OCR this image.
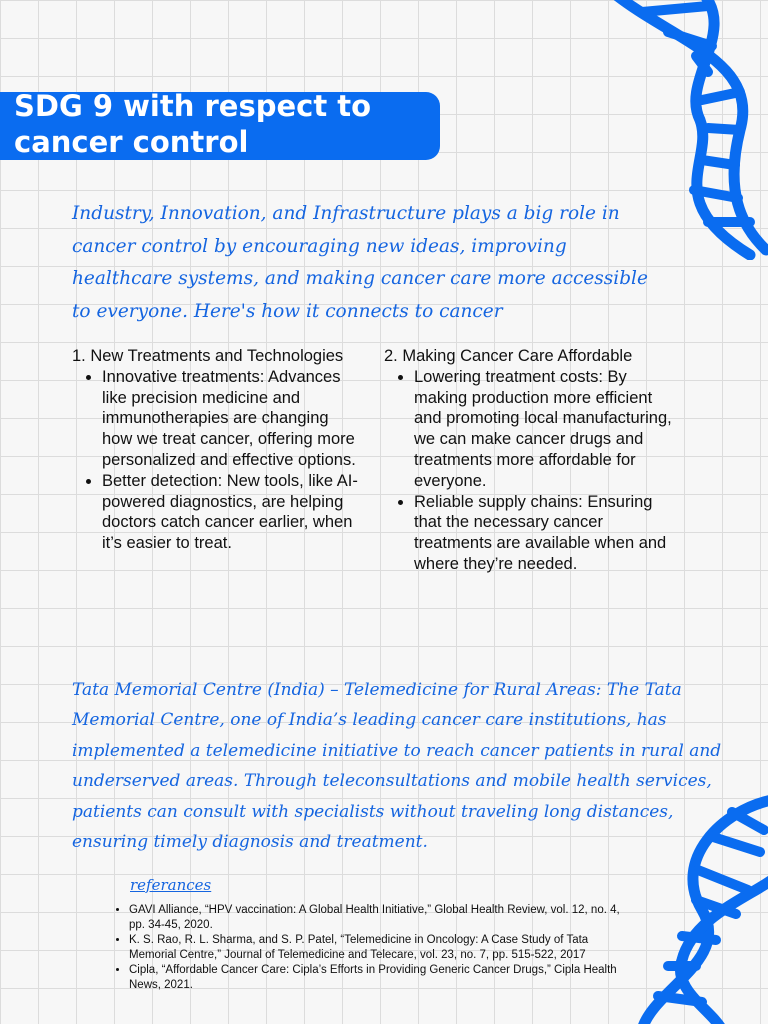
SDG 9 with respect to cancer control

Industry, Innovation, and Infrastructure plays a big role in cancer control by encouraging new ideas, improving healthcare systems, and making cancer care more accessible to everyone. Here's how it connects to cancer

1. New Treatments and Technologies

• Innovative treatments: Advances like precision medicine and immunotherapies are changing how we treat cancer, offering more personalized and effective options.
• Better detection: New tools, like AI-powered diagnostics, are helping doctors catch cancer earlier, when it’s easier to treat.

2. Making Cancer Care Affordable

• Lowering treatment costs: By making production more efficient and promoting local manufacturing, we can make cancer drugs and treatments more affordable for everyone.
• Reliable supply chains: Ensuring that the necessary cancer treatments are available when and where they’re needed.

Tata Memorial Centre (India) – Telemedicine for Rural Areas: The Tata Memorial Centre, one of India’s leading cancer care institutions, has implemented a telemedicine initiative to reach cancer patients in rural and underserved areas. Through teleconsultations and mobile health services, patients can consult with specialists without traveling long distances, ensuring timely diagnosis and treatment.

referances

• GAVI Alliance, “HPV vaccination: A Global Health Initiative,” Global Health Review, vol. 12, no. 4, pp. 34-45, 2020.
• K. S. Rao, R. L. Sharma, and S. P. Patel, “Telemedicine in Oncology: A Case Study of Tata Memorial Centre,” Journal of Telemedicine and Telecare, vol. 23, no. 7, pp. 515-522, 2017
• Cipla, “Affordable Cancer Care: Cipla’s Efforts in Providing Generic Cancer Drugs,” Cipla Health News, 2021.
